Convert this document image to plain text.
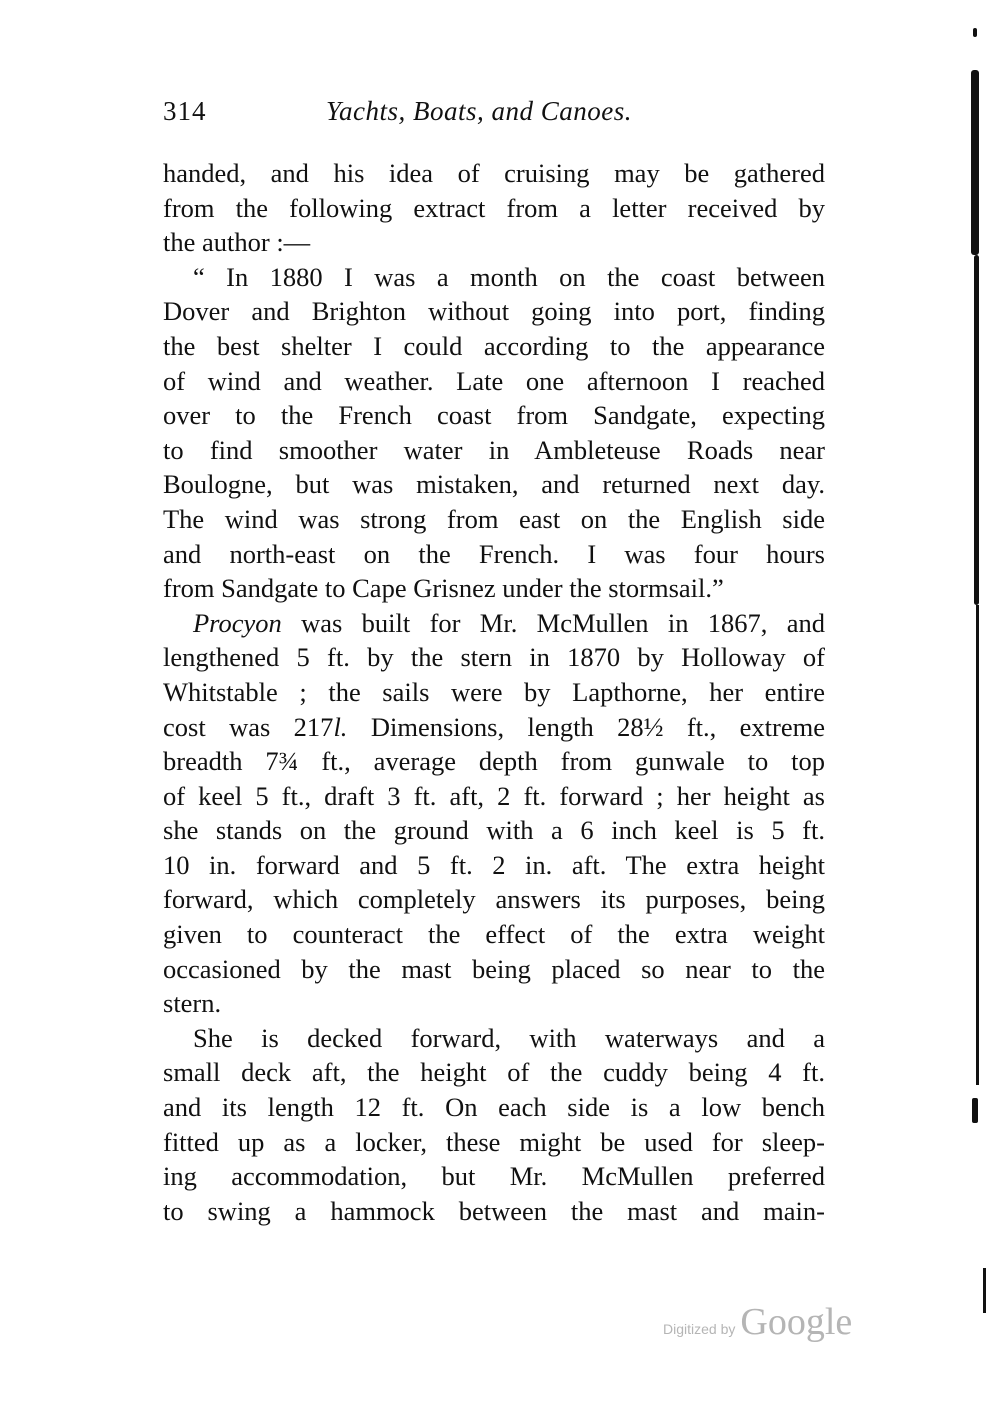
314	Yachts, Boats, and Canoes.
handed, and his idea of cruising may be gathered
from the following extract from a letter received by
the author :—
“ In 1880 I was a month on the coast between
Dover and Brighton without going into port, finding
the best shelter I could according to the appearance
of wind and weather. Late one afternoon I reached
over to the French coast from Sandgate, expecting
to find smoother water in Ambleteuse Roads near
Boulogne, but was mistaken, and returned next day.
The wind was strong from east on the English side
and north-east on the French. I was four hours
from Sandgate to Cape Grisnez under the stormsail.”
Procyon was built for Mr. McMullen in 1867, and
lengthened 5 ft. by the stern in 1870 by Holloway of
Whitstable ; the sails were by Lapthorne, her entire
cost was 217l. Dimensions, length 28½ ft., extreme
breadth 7¾ ft., average depth from gunwale to top
of keel 5 ft., draft 3 ft. aft, 2 ft. forward ; her height as
she stands on the ground with a 6 inch keel is 5 ft.
10 in. forward and 5 ft. 2 in. aft. The extra height
forward, which completely answers its purposes, being
given to counteract the effect of the extra weight
occasioned by the mast being placed so near to the
stern.
She is decked forward, with waterways and a
small deck aft, the height of the cuddy being 4 ft.
and its length 12 ft. On each side is a low bench
fitted up as a locker, these might be used for sleep-
ing accommodation, but Mr. McMullen preferred
to swing a hammock between the mast and main-
Digitized by Google
